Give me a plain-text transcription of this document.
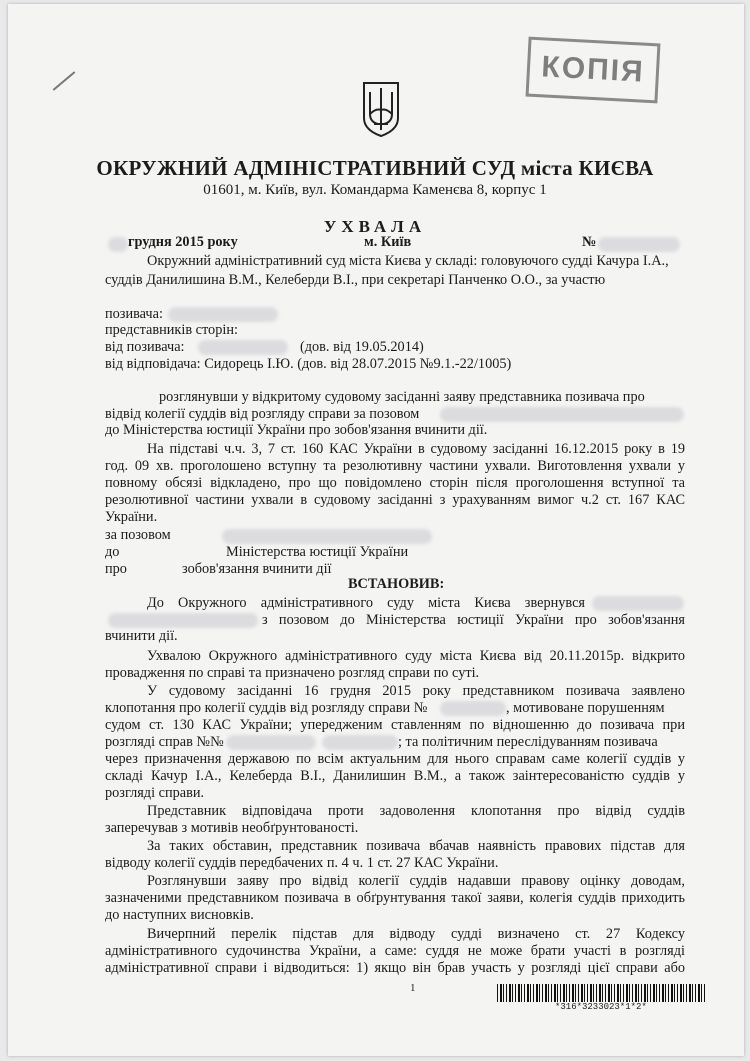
КОПІЯ
ОКРУЖНИЙ АДМІНІСТРАТИВНИЙ СУД міста КИЄВА
01601, м. Київ, вул. Командарма Каменєва 8, корпус 1
УХВАЛА
грудня 2015 року	м. Київ	№
Окружний адміністративний суд міста Києва у складі: головуючого судді Качура І.А.,
суддів Данилишина В.М., Келеберди В.І., при секретарі Панченко О.О., за участю
позивача:
представників сторін:
від позивача:	(дов. від 19.05.2014)
від відповідача: Сидорець І.Ю. (дов. від 28.07.2015 №9.1.-22/1005)
розглянувши у відкритому судовому засіданні заяву представника позивача про
відвід колегії суддів від розгляду справи за позовом
до Міністерства юстиції України про зобов'язання вчинити дії.
На підставі ч.ч. 3, 7 ст. 160 КАС України в судовому засіданні 16.12.2015 року в 19
год. 09 хв. проголошено вступну та резолютивну частини ухвали. Виготовлення ухвали у
повному обсязі відкладено, про що повідомлено сторін після проголошення вступної та
резолютивної частини ухвали в судовому засіданні з урахуванням вимог ч.2 ст. 167 КАС
України.
за позовом
до	Міністерства юстиції України
про	зобов'язання вчинити дії
ВСТАНОВИВ:
До Окружного адміністративного суду міста Києва звернувся
з позовом до Міністерства юстиції України про зобов'язання
вчинити дії.
Ухвалою Окружного адміністративного суду міста Києва від 20.11.2015р. відкрито
провадження по справі та призначено розгляд справи по суті.
У судовому засіданні 16 грудня 2015 року представником позивача заявлено
клопотання про колегії суддів від розгляду справи №	, мотивоване порушенням
судом ст. 130 КАС України; упередженим ставленням по відношенню до позивача при
розгляді справ №№	; та політичним переслідуванням позивача
через призначення державою по всім актуальним для нього справам саме колегії суддів у
складі Качур І.А., Келеберда В.І., Данилишин В.М., а також заінтересованістю суддів у
розгляді справи.
Представник відповідача проти задоволення клопотання про відвід суддів
заперечував з мотивів необґрунтованості.
За таких обставин, представник позивача вбачав наявність правових підстав для
відводу колегії суддів передбачених п. 4 ч. 1 ст. 27 КАС України.
Розглянувши заяву про відвід колегії суддів надавши правову оцінку доводам,
зазначеними представником позивача в обґрунтування такої заяви, колегія суддів приходить
до наступних висновків.
Вичерпний перелік підстав для відводу судді визначено ст. 27 Кодексу
адміністративного судочинства України, а саме: суддя не може брати участі в розгляді
адміністративної справи і відводиться: 1) якщо він брав участь у розгляді цієї справи або
1
*316*3233023*1*2*
